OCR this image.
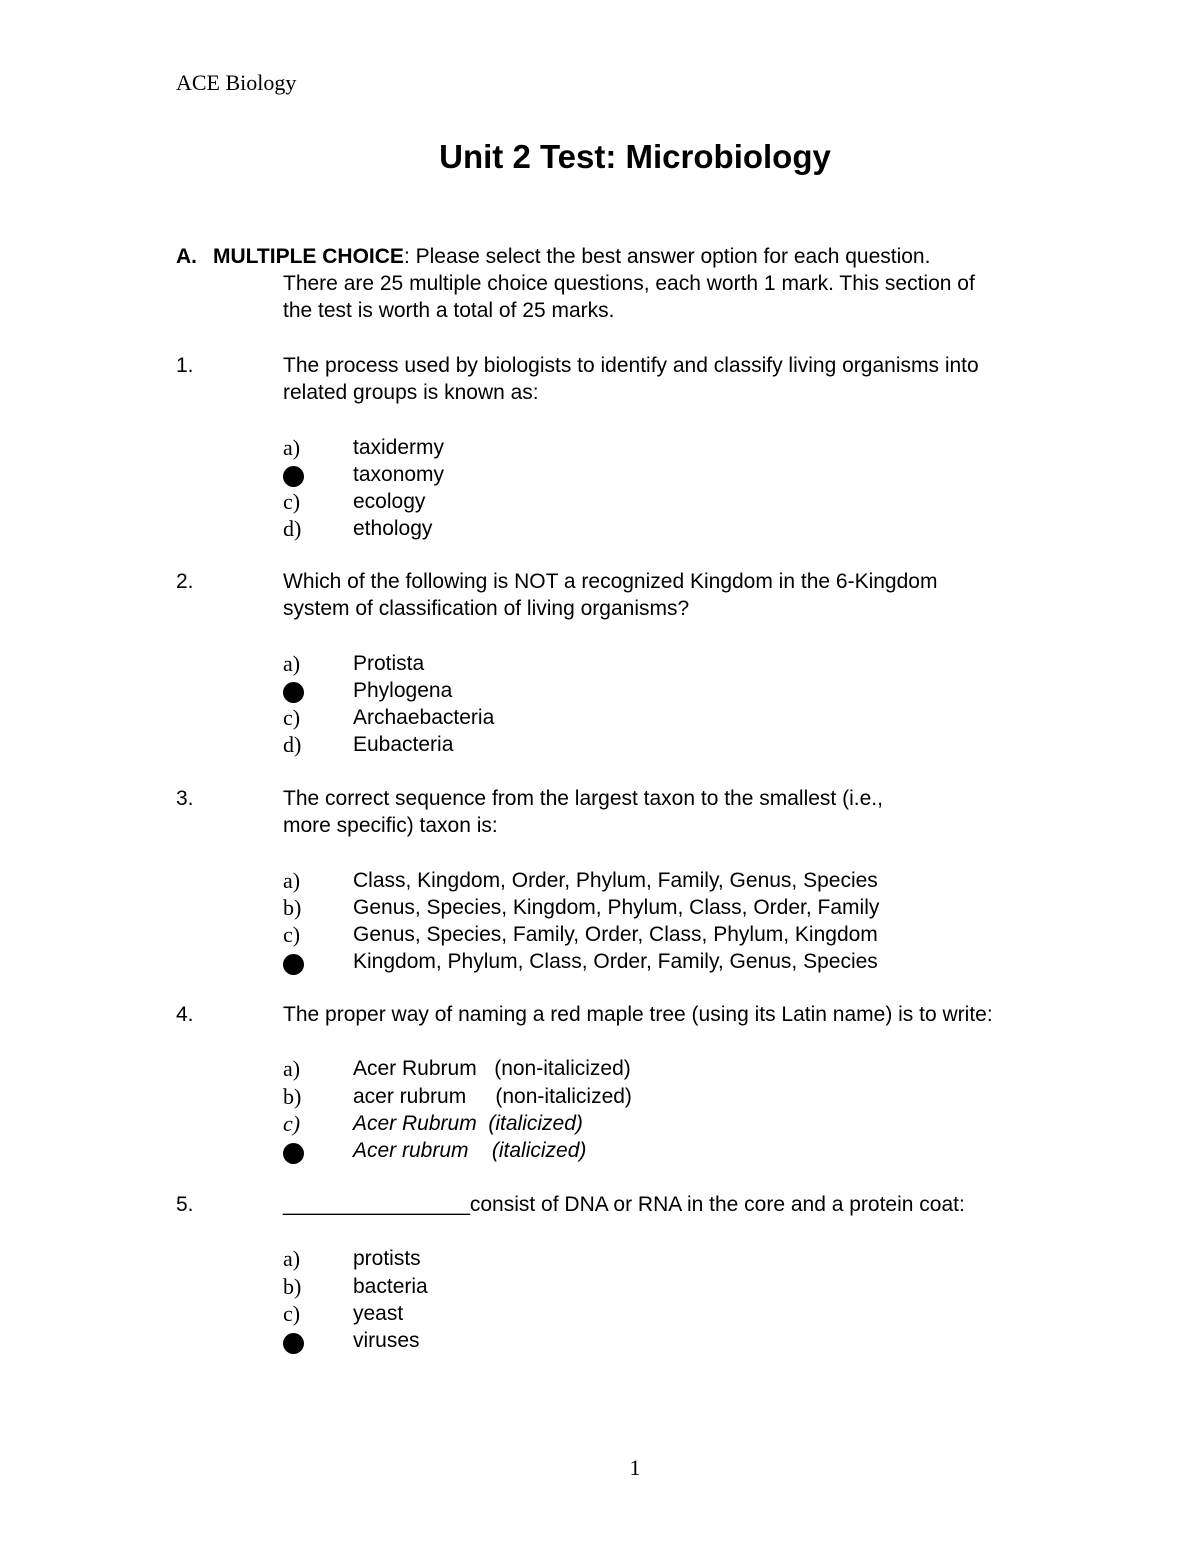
ACE Biology
Unit 2 Test: Microbiology
A. MULTIPLE CHOICE: Please select the best answer option for each question.
There are 25 multiple choice questions, each worth 1 mark. This section of
the test is worth a total of 25 marks.
1.	The process used by biologists to identify and classify living organisms into
related groups is known as:
a)	taxidermy
taxonomy
c)	ecology
d)	ethology
2.	Which of the following is NOT a recognized Kingdom in the 6-Kingdom
system of classification of living organisms?
a)	Protista
Phylogena
c)	Archaebacteria
d)	Eubacteria
3.	The correct sequence from the largest taxon to the smallest (i.e.,
more specific) taxon is:
a)	Class, Kingdom, Order, Phylum, Family, Genus, Species
b)	Genus, Species, Kingdom, Phylum, Class, Order, Family
c)	Genus, Species, Family, Order, Class, Phylum, Kingdom
Kingdom, Phylum, Class, Order, Family, Genus, Species
4.	The proper way of naming a red maple tree (using its Latin name) is to write:
a)	Acer Rubrum   (non-italicized)
b)	acer rubrum     (non-italicized)
c)	Acer Rubrum  (italicized)
Acer rubrum    (italicized)
5.	________________consist of DNA or RNA in the core and a protein coat:
a)	protists
b)	bacteria
c)	yeast
viruses
1
